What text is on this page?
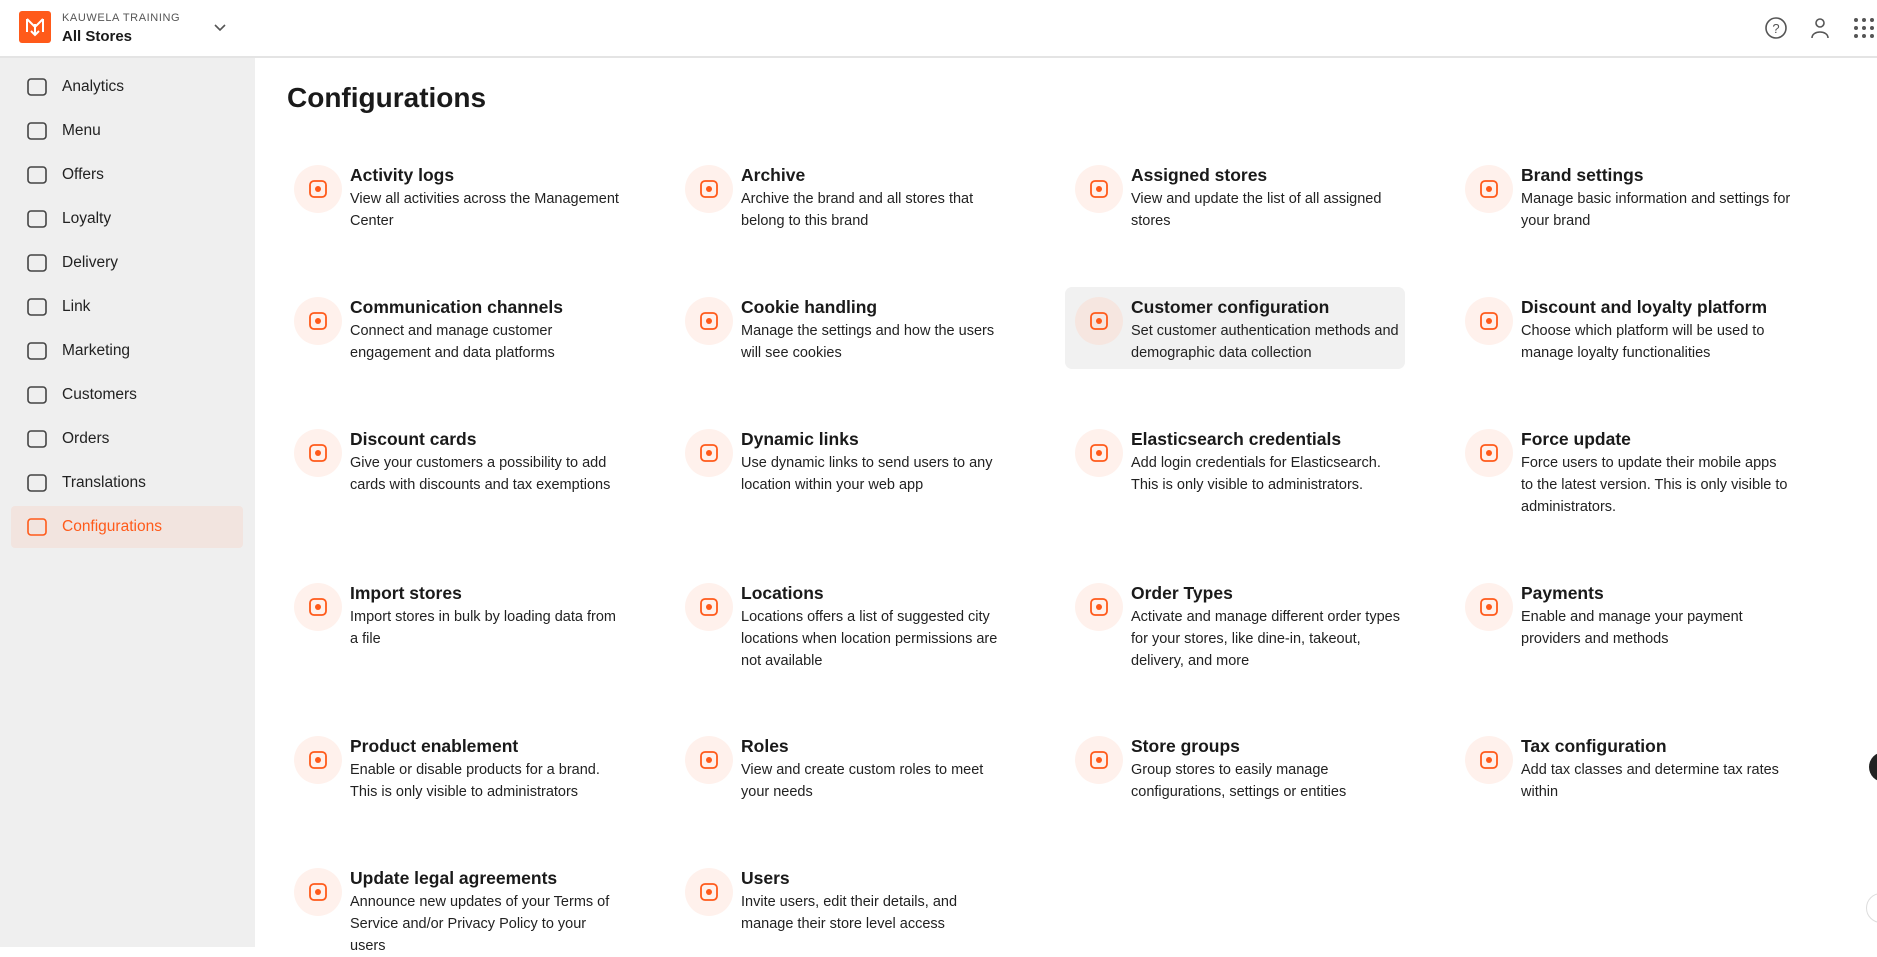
KAUWELA TRAINING
All Stores	?
Analytics
Menu
Offers
Loyalty
Delivery
Link
Marketing
Customers
Orders
Translations
Configurations
Configurations
Activity logs

View all activities across the Management Center

Archive

Archive the brand and all stores that belong to this brand

Assigned stores

View and update the list of all assigned stores

Brand settings

Manage basic information and settings for your brand

Communication channels

Connect and manage customer engagement and data platforms

Cookie handling

Manage the settings and how the users will see cookies

Customer configuration

Set customer authentication methods and demographic data collection

Discount and loyalty platform

Choose which platform will be used to manage loyalty functionalities

Discount cards

Give your customers a possibility to add cards with discounts and tax exemptions

Dynamic links

Use dynamic links to send users to any location within your web app

Elasticsearch credentials

Add login credentials for Elasticsearch. This is only visible to administrators.

Force update

Force users to update their mobile apps to the latest version. This is only visible to administrators.

Import stores

Import stores in bulk by loading data from a file

Locations

Locations offers a list of suggested city locations when location permissions are not available

Order Types

Activate and manage different order types for your stores, like dine-in, takeout, delivery, and more

Payments

Enable and manage your payment providers and methods

Product enablement

Enable or disable products for a brand. This is only visible to administrators

Roles

View and create custom roles to meet your needs

Store groups

Group stores to easily manage configurations, settings or entities

Tax configuration

Add tax classes and determine tax rates within

Update legal agreements

Announce new updates of your Terms of Service and/or Privacy Policy to your users

Users

Invite users, edit their details, and manage their store level access
